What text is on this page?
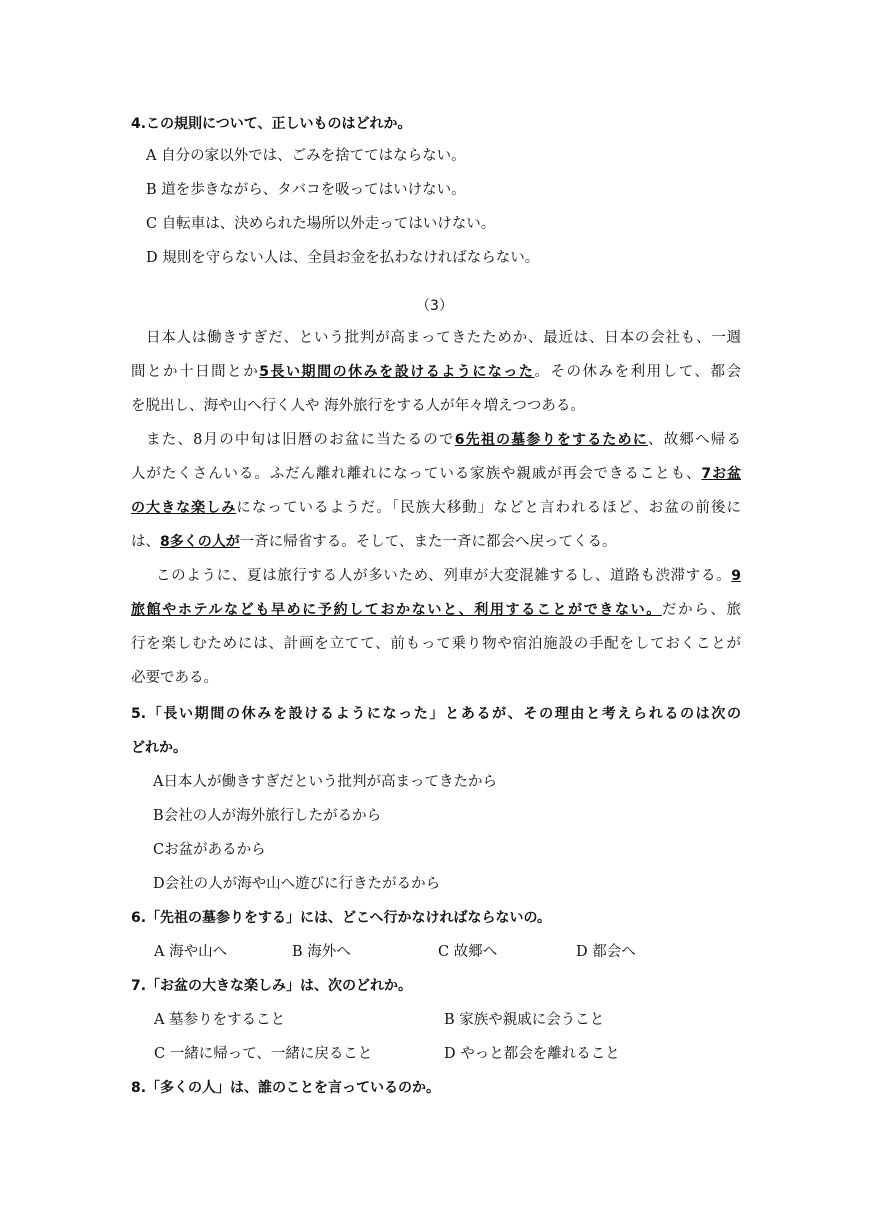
4.この規則について、正しいものはどれか。
A 自分の家以外では、ごみを捨ててはならない。
B 道を歩きながら、タバコを吸ってはいけない。
C 自転車は、決められた場所以外走ってはいけない。
D 規則を守らない人は、全員お金を払わなければならない。
（3）
日本人は働きすぎだ、という批判が高まってきたためか、最近は、日本の会社も、一週
間とか十日間とか5長い期間の休みを設けるようになった。その休みを利用して、都会
を脱出し、海や山へ行く人や 海外旅行をする人が年々増えつつある。
また、8月の中旬は旧暦のお盆に当たるので6先祖の墓参りをするために、故郷へ帰る
人がたくさんいる。ふだん離れ離れになっている家族や親戚が再会できることも、7お盆
の大きな楽しみになっているようだ。「民族大移動」などと言われるほど、お盆の前後に
は、8多くの人が一斉に帰省する。そして、また一斉に都会へ戻ってくる。
このように、夏は旅行する人が多いため、列車が大変混雑するし、道路も渋滞する。9
旅館やホテルなども早めに予約しておかないと、利用することができない。だから、旅
行を楽しむためには、計画を立てて、前もって乗り物や宿泊施設の手配をしておくことが
必要である。
5.「長い期間の休みを設けるようになった」とあるが、その理由と考えられるのは次の
どれか。
A日本人が働きすぎだという批判が高まってきたから
B会社の人が海外旅行したがるから
Cお盆があるから
D会社の人が海や山へ遊びに行きたがるから
6.「先祖の墓参りをする」には、どこへ行かなければならないの。
A 海や山へ	B 海外へ	C 故郷へ	D 都会へ
7.「お盆の大きな楽しみ」は、次のどれか。
A 墓参りをすること	B 家族や親戚に会うこと
C 一緒に帰って、一緒に戻ること	D やっと都会を離れること
8.「多くの人」は、誰のことを言っているのか。
